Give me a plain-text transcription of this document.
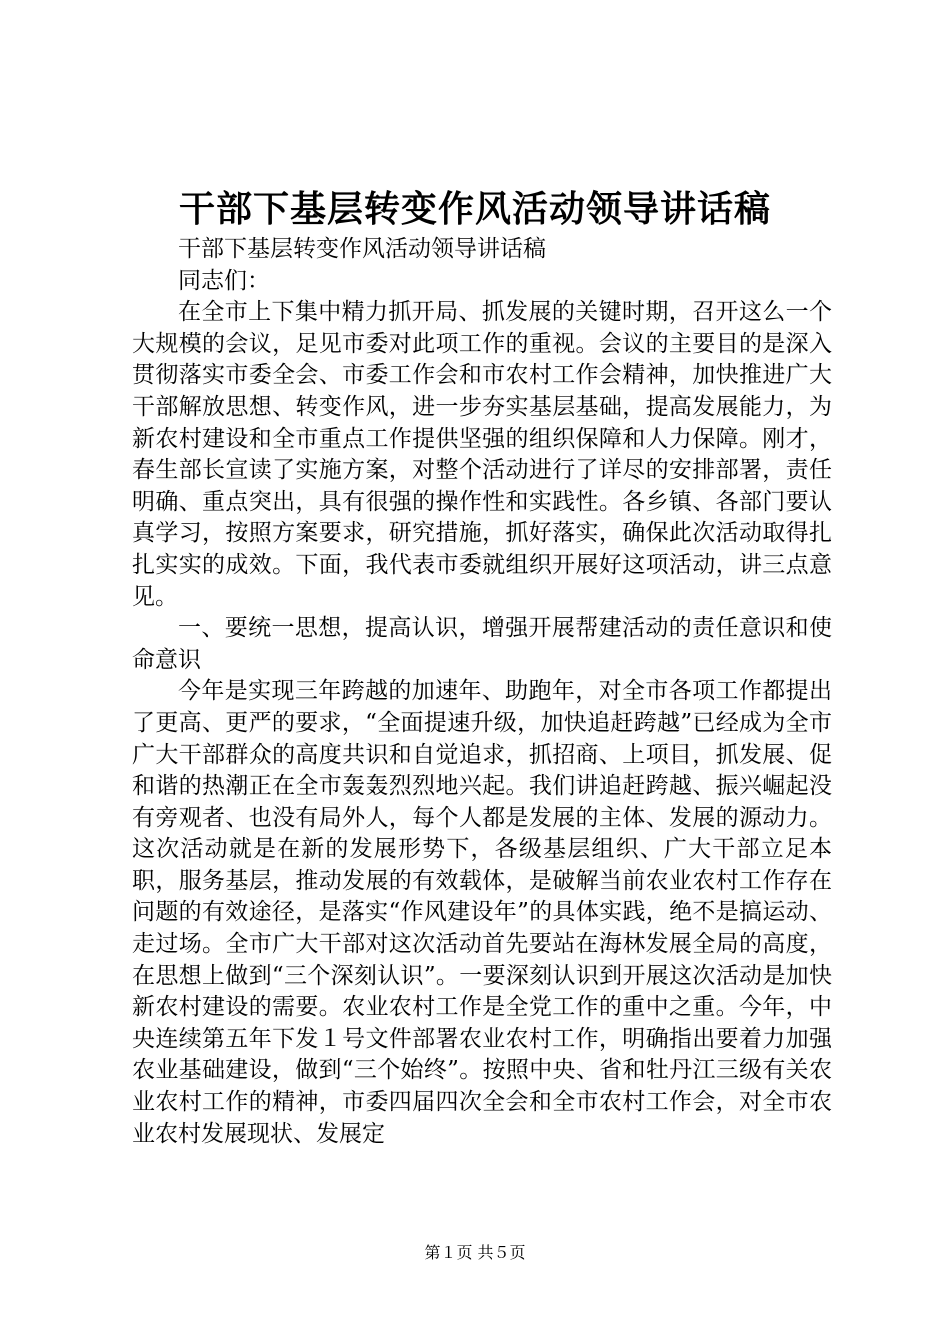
干部下基层转变作风活动领导讲话稿

干部下基层转变作风活动领导讲话稿

同志们：

在全市上下集中精力抓开局、抓发展的关键时期，召开这么一个大规模的会议，足见市委对此项工作的重视。会议的主要目的是深入贯彻落实市委全会、市委工作会和市农村工作会精神，加快推进广大干部解放思想、转变作风，进一步夯实基层基础，提高发展能力，为新农村建设和全市重点工作提供坚强的组织保障和人力保障。刚才，春生部长宣读了实施方案，对整个活动进行了详尽的安排部署，责任明确、重点突出，具有很强的操作性和实践性。各乡镇、各部门要认真学习，按照方案要求，研究措施，抓好落实，确保此次活动取得扎扎实实的成效。下面，我代表市委就组织开展好这项活动，讲三点意见。

一、要统一思想，提高认识，增强开展帮建活动的责任意识和使命意识

今年是实现三年跨越的加速年、助跑年，对全市各项工作都提出了更高、更严的要求，“全面提速升级，加快追赶跨越”已经成为全市广大干部群众的高度共识和自觉追求，抓招商、上项目，抓发展、促和谐的热潮正在全市轰轰烈烈地兴起。我们讲追赶跨越、振兴崛起没有旁观者、也没有局外人，每个人都是发展的主体、发展的源动力。这次活动就是在新的发展形势下，各级基层组织、广大干部立足本职，服务基层，推动发展的有效载体，是破解当前农业农村工作存在问题的有效途径，是落实“作风建设年”的具体实践，绝不是搞运动、走过场。全市广大干部对这次活动首先要站在海林发展全局的高度，在思想上做到“三个深刻认识”。一要深刻认识到开展这次活动是加快新农村建设的需要。农业农村工作是全党工作的重中之重。今年，中央连续第五年下发１号文件部署农业农村工作，明确指出要着力加强农业基础建设，做到“三个始终”。按照中央、省和牡丹江三级有关农业农村工作的精神，市委四届四次全会和全市农村工作会，对全市农业农村发展现状、发展定

第１页 共５页
